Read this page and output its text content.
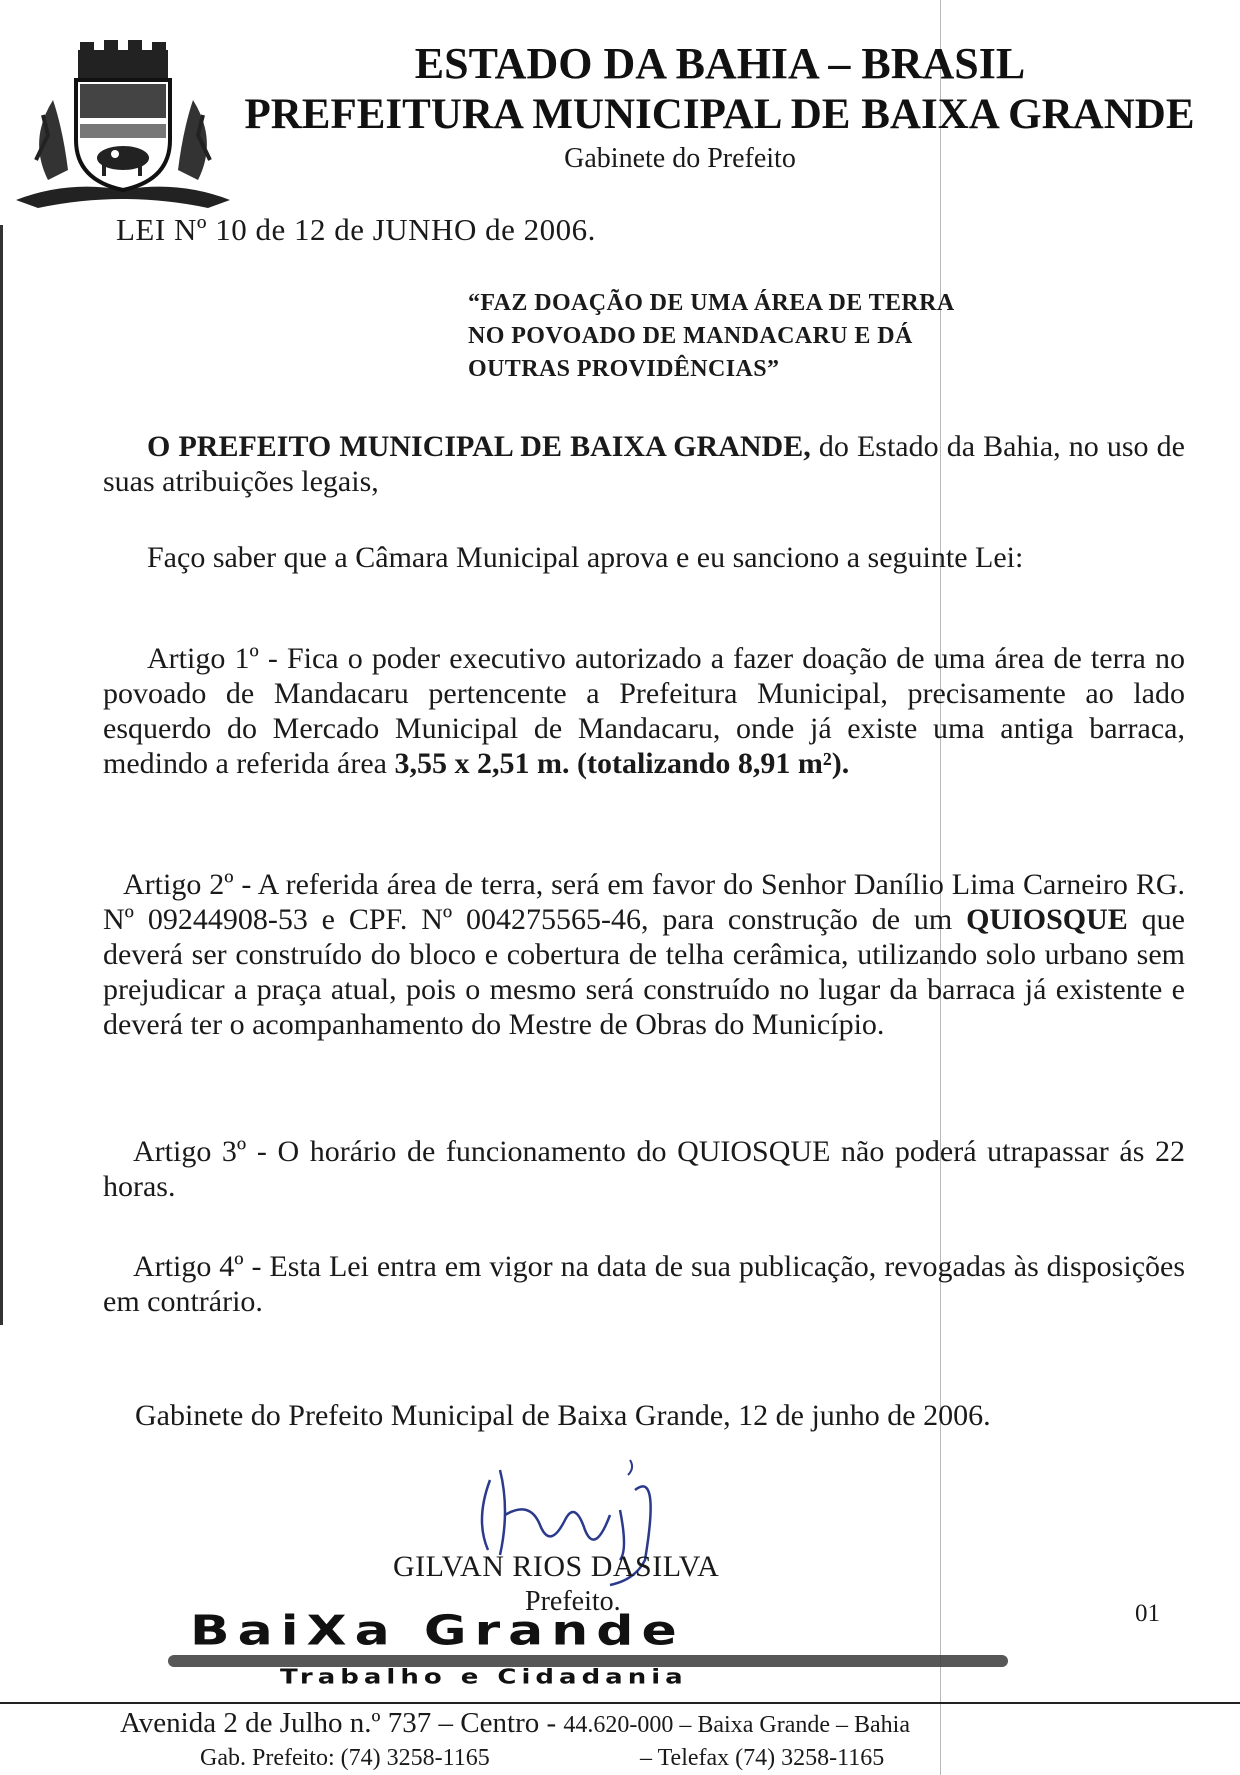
ESTADO DA BAHIA – BRASIL
PREFEITURA MUNICIPAL DE BAIXA GRANDE
Gabinete do Prefeito
LEI Nº 10 de 12 de JUNHO de 2006.
“FAZ DOAÇÃO DE UMA ÁREA DE TERRA
NO POVOADO DE MANDACARU E DÁ
OUTRAS PROVIDÊNCIAS”
O PREFEITO MUNICIPAL DE BAIXA GRANDE, do Estado da Bahia, no uso de suas atribuições legais,
Faço saber que a Câmara Municipal aprova e eu sanciono a seguinte Lei:
Artigo 1º - Fica o poder executivo autorizado a fazer doação de uma área de terra no povoado de Mandacaru pertencente a Prefeitura Municipal, precisamente ao lado esquerdo do Mercado Municipal de Mandacaru, onde já existe uma antiga barraca, medindo a referida área 3,55 x 2,51 m. (totalizando 8,91 m²).
Artigo 2º - A referida área de terra, será em favor do Senhor Danílio Lima Carneiro RG. Nº 09244908-53 e CPF. Nº 004275565-46, para construção de um QUIOSQUE que deverá ser construído do bloco e cobertura de telha cerâmica, utilizando solo urbano sem prejudicar a praça atual, pois o mesmo será construído no lugar da barraca já existente e deverá ter o acompanhamento do Mestre de Obras do Município.
Artigo 3º - O horário de funcionamento do QUIOSQUE não poderá utrapassar ás 22 horas.
Artigo 4º - Esta Lei entra em vigor na data de sua publicação, revogadas às disposições em contrário.
Gabinete do Prefeito Municipal de Baixa Grande, 12 de junho de 2006.
GILVAN RIOS DASILVA
Prefeito.	01
BaiXa Grande
Trabalho e Cidadania
Avenida 2 de Julho n.º 737 – Centro - 44.620-000 – Baixa Grande – Bahia
Gab. Prefeito: (74) 3258-1165	– Telefax (74) 3258-1165
